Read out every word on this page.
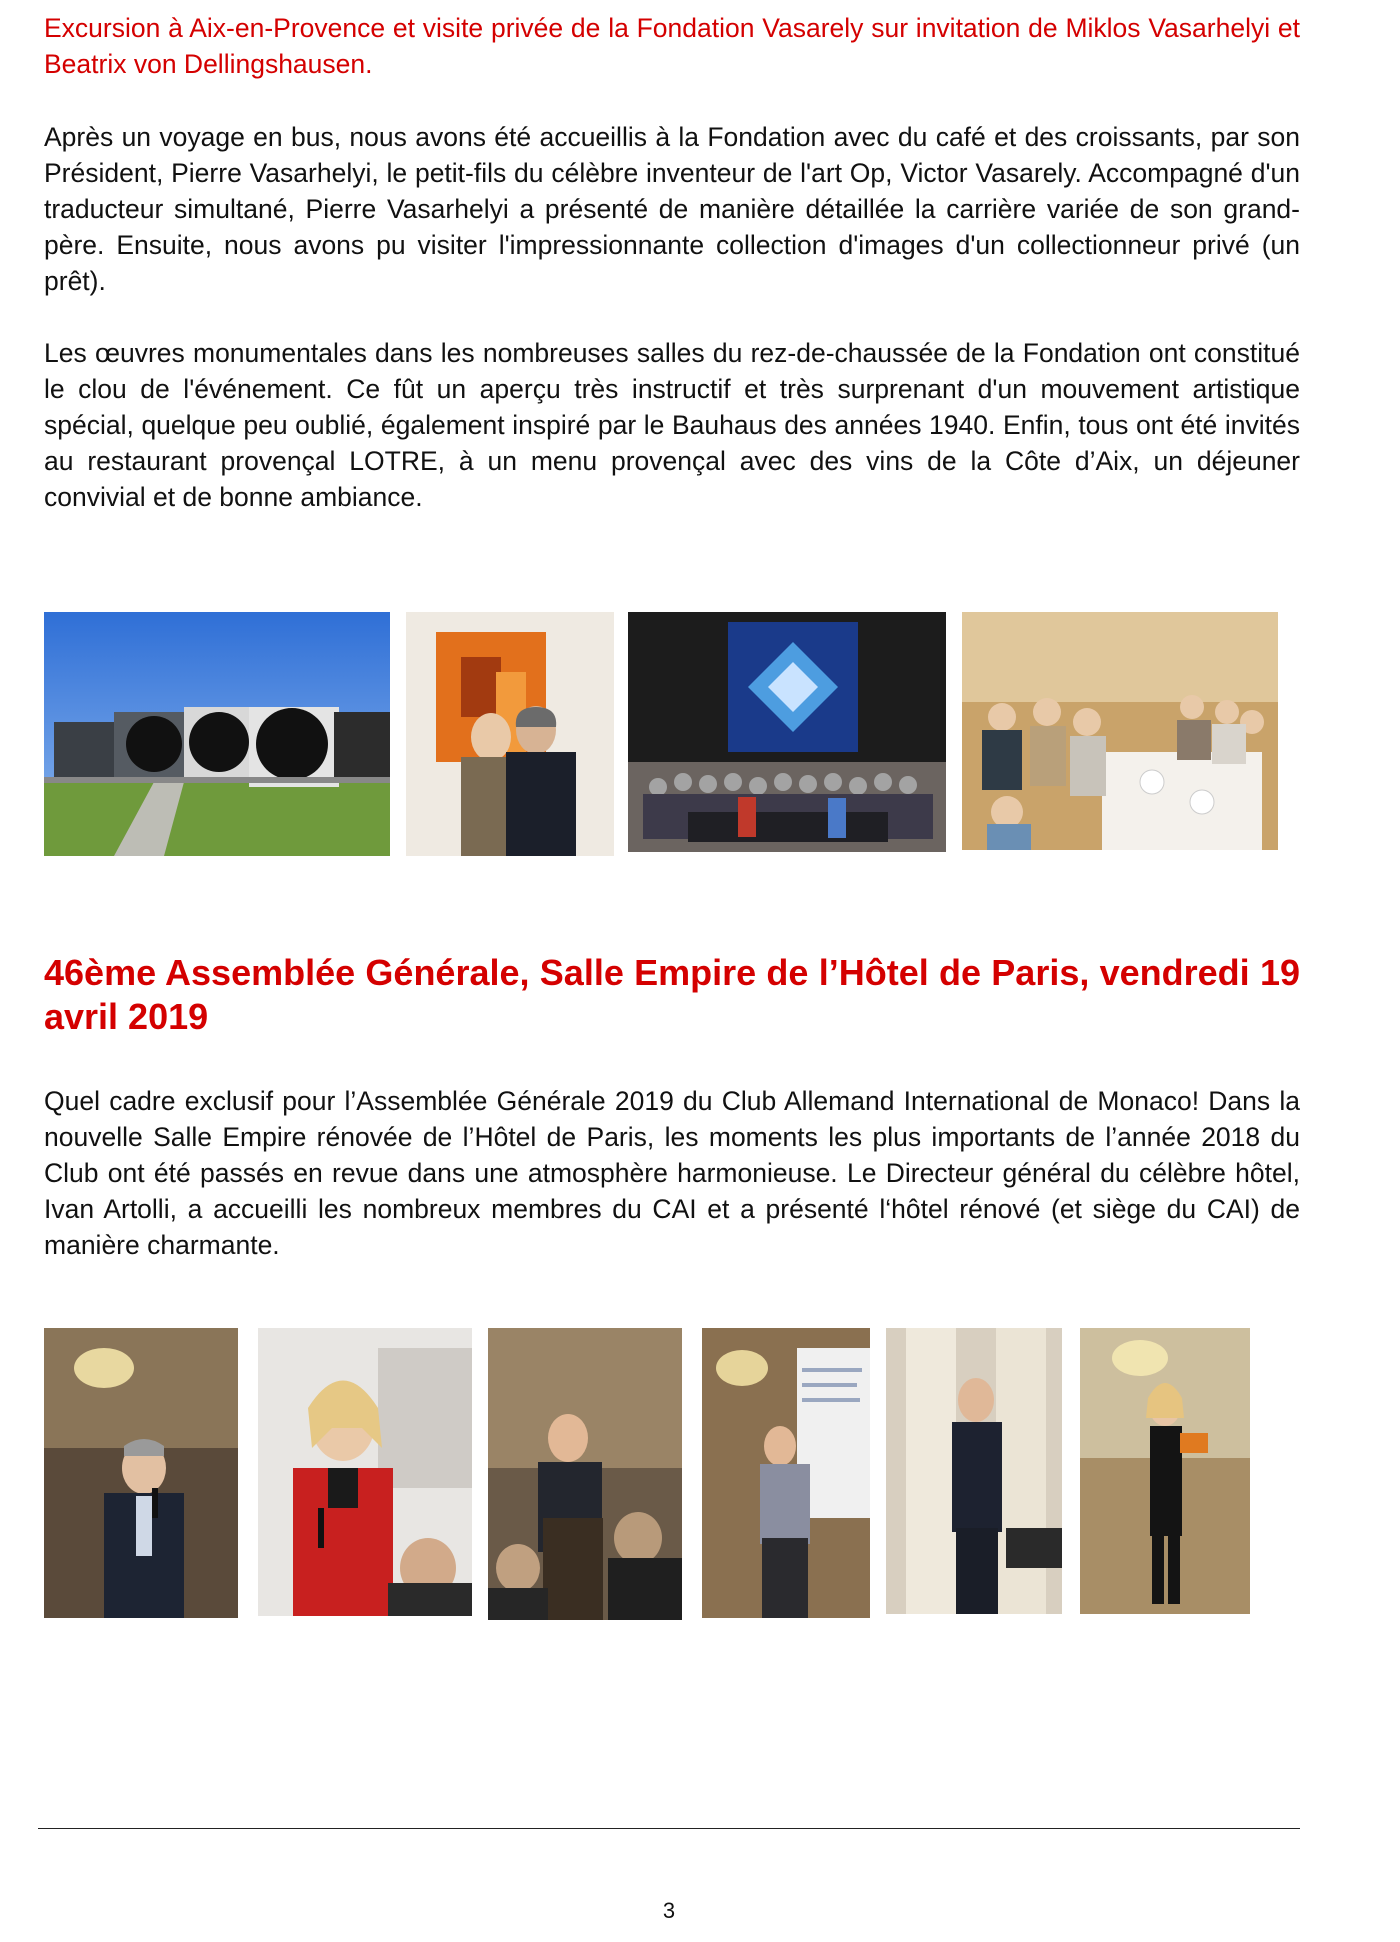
Excursion à Aix-en-Provence et visite privée de la Fondation Vasarely sur invitation de Miklos Vasarhelyi et Beatrix von Dellingshausen.

Après un voyage en bus, nous avons été accueillis à la Fondation avec du café et des croissants, par son Président, Pierre Vasarhelyi, le petit-fils du célèbre inventeur de l'art Op, Victor Vasarely. Accompagné d'un traducteur simultané, Pierre Vasarhelyi a présenté de manière détaillée la carrière variée de son grand-père. Ensuite, nous avons pu visiter l'impressionnante collection d'images d'un collectionneur privé (un prêt).

Les œuvres monumentales dans les nombreuses salles du rez-de-chaussée de la Fondation ont constitué le clou de l'événement. Ce fût un aperçu très instructif et très surprenant d'un mouvement artistique spécial, quelque peu oublié, également inspiré par le Bauhaus des années 1940. Enfin, tous ont été invités au restaurant provençal LOTRE, à un menu provençal avec des vins de la Côte d’Aix, un déjeuner convivial et de bonne ambiance.

46ème Assemblée Générale, Salle Empire de l’Hôtel de Paris, vendredi 19 avril 2019

Quel cadre exclusif pour l’Assemblée Générale 2019 du Club Allemand International de Monaco! Dans la nouvelle Salle Empire rénovée de l’Hôtel de Paris, les moments les plus importants de l’année 2018 du Club ont été passés en revue dans une atmosphère harmonieuse. Le Directeur général du célèbre hôtel, Ivan Artolli, a accueilli les nombreux membres du CAI et a présenté l‘hôtel rénové (et siège du CAI) de manière charmante.

3
